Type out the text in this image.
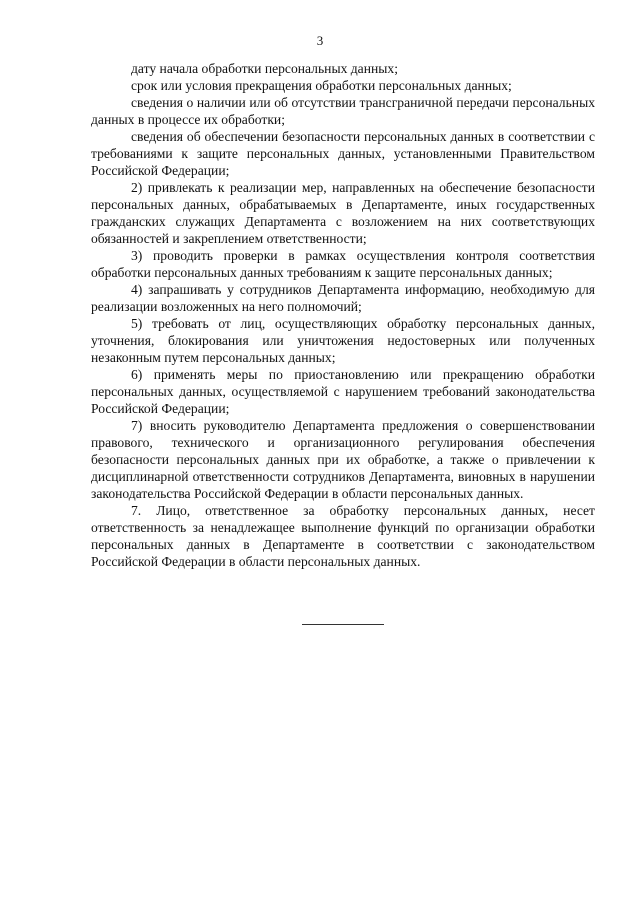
3

дату начала обработки персональных данных;

срок или условия прекращения обработки персональных данных;

сведения о наличии или об отсутствии трансграничной передачи персональных данных в процессе их обработки;

сведения об обеспечении безопасности персональных данных в соответствии с требованиями к защите персональных данных, установленными Правительством Российской Федерации;

2) привлекать к реализации мер, направленных на обеспечение безопасности персональных данных, обрабатываемых в Департаменте, иных государственных гражданских служащих Департамента с возложением на них соответствующих обязанностей и закреплением ответственности;

3) проводить проверки в рамках осуществления контроля соответствия обработки персональных данных требованиям к защите персональных данных;

4) запрашивать у сотрудников Департамента информацию, необходимую для реализации возложенных на него полномочий;

5) требовать от лиц, осуществляющих обработку персональных данных, уточнения, блокирования или уничтожения недостоверных или полученных незаконным путем персональных данных;

6) применять меры по приостановлению или прекращению обработки персональных данных, осуществляемой с нарушением требований законодательства Российской Федерации;

7) вносить руководителю Департамента предложения о совершенствовании правового, технического и организационного регулирования обеспечения безопасности персональных данных при их обработке, а также о привлечении к дисциплинарной ответственности сотрудников Департамента, виновных в нарушении законодательства Российской Федерации в области персональных данных.

7. Лицо, ответственное за обработку персональных данных, несет ответственность за ненадлежащее выполнение функций по организации обработки персональных данных в Департаменте в соответствии с законодательством Российской Федерации в области персональных данных.
